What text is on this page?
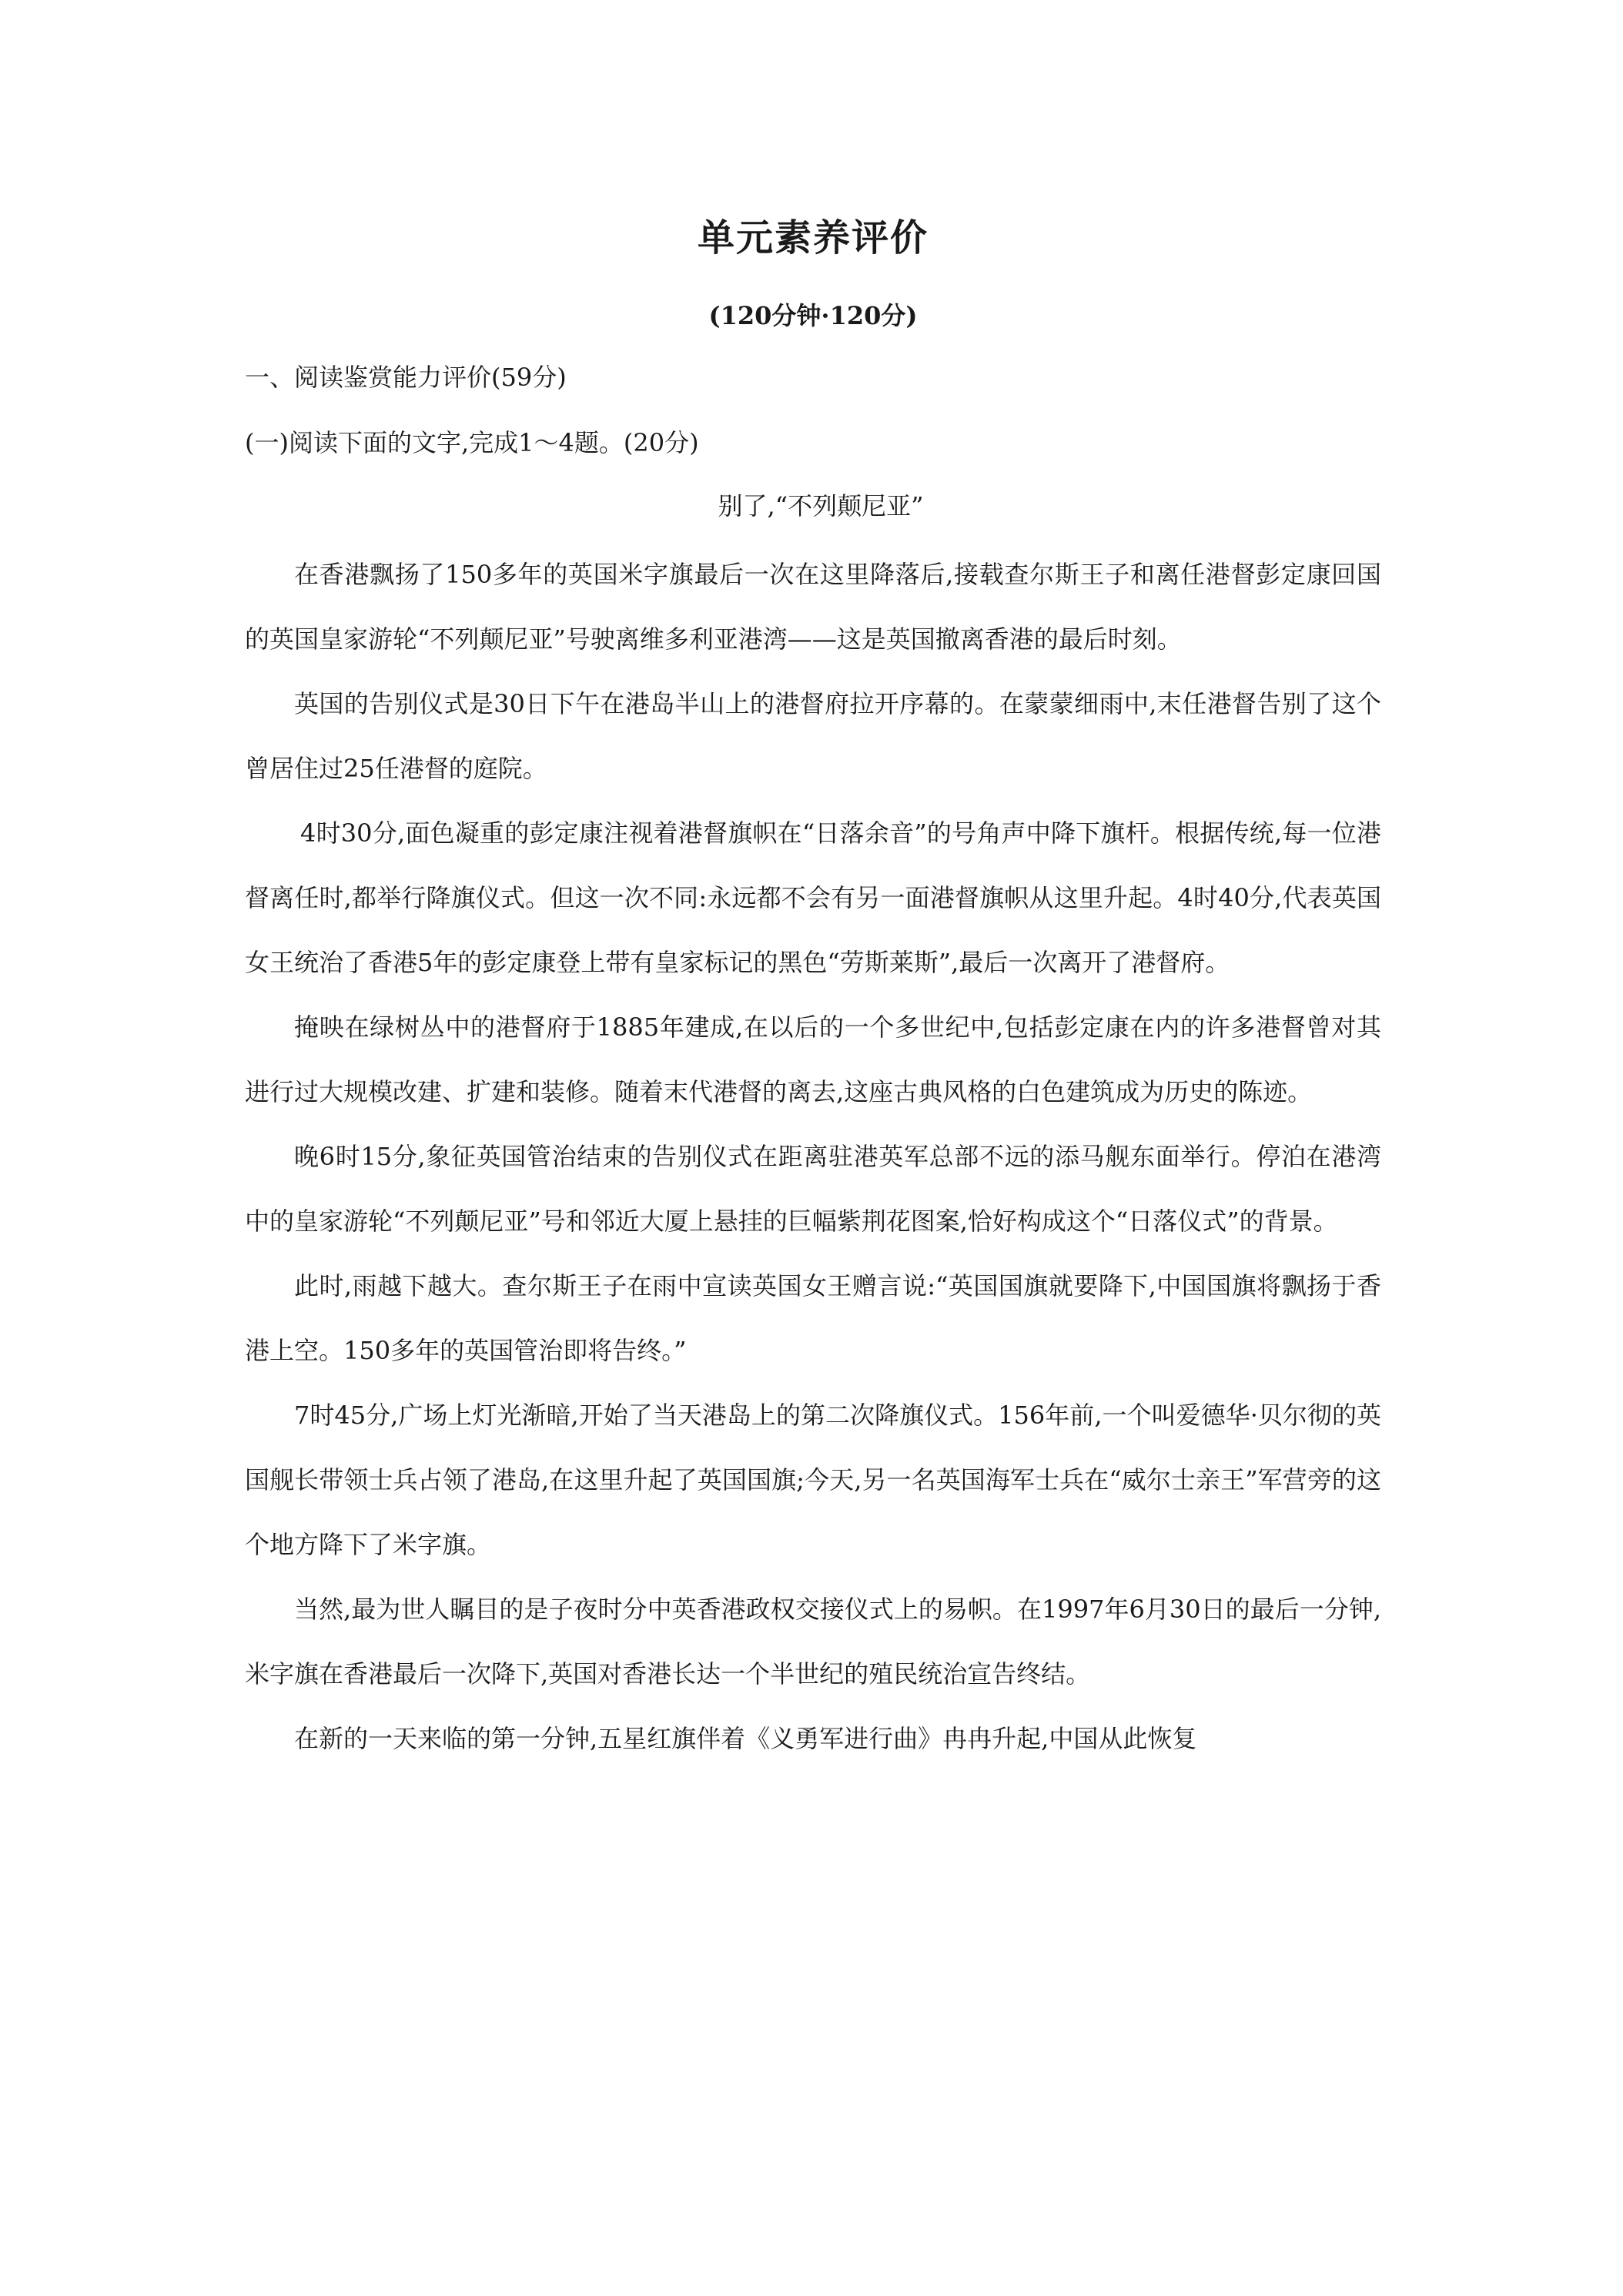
单元素养评价

(120分钟·120分)

一、阅读鉴赏能力评价(59分)

(一)阅读下面的文字,完成1～4题。(20分)

别了,“不列颠尼亚”

在香港飘扬了150多年的英国米字旗最后一次在这里降落后,接载查尔斯王子和离任港督彭定康回国的英国皇家游轮“不列颠尼亚”号驶离维多利亚港湾——这是英国撤离香港的最后时刻。

英国的告别仪式是30日下午在港岛半山上的港督府拉开序幕的。在蒙蒙细雨中,末任港督告别了这个曾居住过25任港督的庭院。

4时30分,面色凝重的彭定康注视着港督旗帜在“日落余音”的号角声中降下旗杆。根据传统,每一位港督离任时,都举行降旗仪式。但这一次不同:永远都不会有另一面港督旗帜从这里升起。4时40分,代表英国女王统治了香港5年的彭定康登上带有皇家标记的黑色“劳斯莱斯”,最后一次离开了港督府。

掩映在绿树丛中的港督府于1885年建成,在以后的一个多世纪中,包括彭定康在内的许多港督曾对其进行过大规模改建、扩建和装修。随着末代港督的离去,这座古典风格的白色建筑成为历史的陈迹。

晚6时15分,象征英国管治结束的告别仪式在距离驻港英军总部不远的添马舰东面举行。停泊在港湾中的皇家游轮“不列颠尼亚”号和邻近大厦上悬挂的巨幅紫荆花图案,恰好构成这个“日落仪式”的背景。

此时,雨越下越大。查尔斯王子在雨中宣读英国女王赠言说:“英国国旗就要降下,中国国旗将飘扬于香港上空。150多年的英国管治即将告终。”

7时45分,广场上灯光渐暗,开始了当天港岛上的第二次降旗仪式。156年前,一个叫爱德华·贝尔彻的英国舰长带领士兵占领了港岛,在这里升起了英国国旗;今天,另一名英国海军士兵在“威尔士亲王”军营旁的这个地方降下了米字旗。

当然,最为世人瞩目的是子夜时分中英香港政权交接仪式上的易帜。在1997年6月30日的最后一分钟,米字旗在香港最后一次降下,英国对香港长达一个半世纪的殖民统治宣告终结。

在新的一天来临的第一分钟,五星红旗伴着《义勇军进行曲》冉冉升起,中国从此恢复
